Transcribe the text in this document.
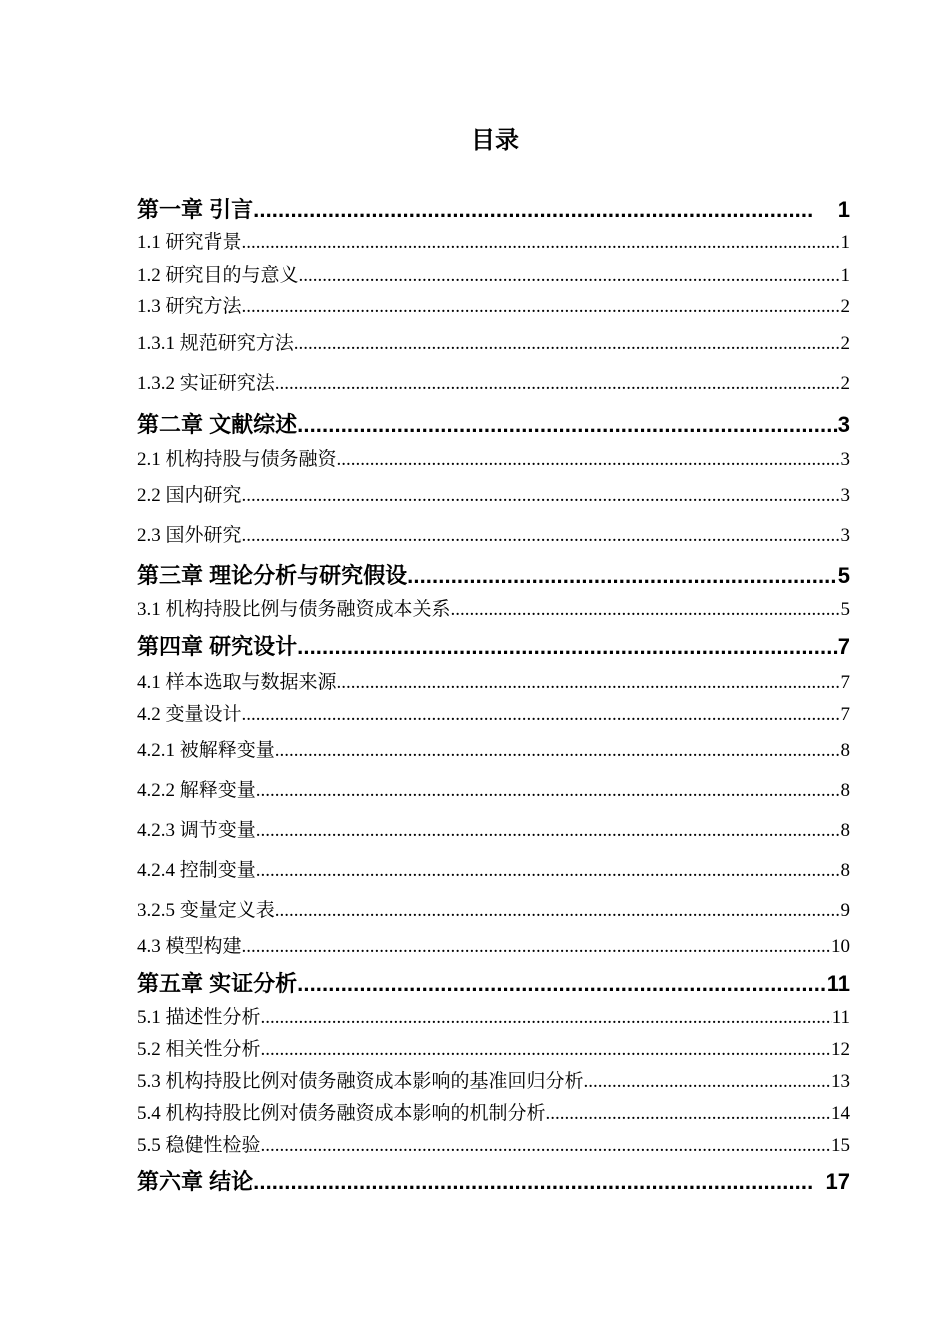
目录
第一章 引言 . .	1
1.1 研究背景 .....	1
1.2 研究目的与意义 .....	1
1.3 研究方法 .....	2
1.3.1 规范研究方法 .....	2
1.3.2 实证研究法 .....	2
第二章 文献综述 . .	3
2.1 机构持股与债务融资 .....	3
2.2 国内研究 .....	3
2.3 国外研究 .....	3
第三章 理论分析与研究假设 . .	5
3.1 机构持股比例与债务融资成本关系 .....	5
第四章 研究设计 . .	7
4.1 样本选取与数据来源 .....	7
4.2 变量设计 .....	7
4.2.1 被解释变量 .....	8
4.2.2 解释变量 .....	8
4.2.3 调节变量 .....	8
4.2.4 控制变量 .....	8
3.2.5 变量定义表 .....	9
4.3 模型构建 .....	10
第五章 实证分析 . .	11
5.1 描述性分析 .....	11
5.2 相关性分析 .....	12
5.3 机构持股比例对债务融资成本影响的基准回归分析 .....	13
5.4 机构持股比例对债务融资成本影响的机制分析 .....	14
5.5 稳健性检验 .....	15
第六章 结论 . .	17
